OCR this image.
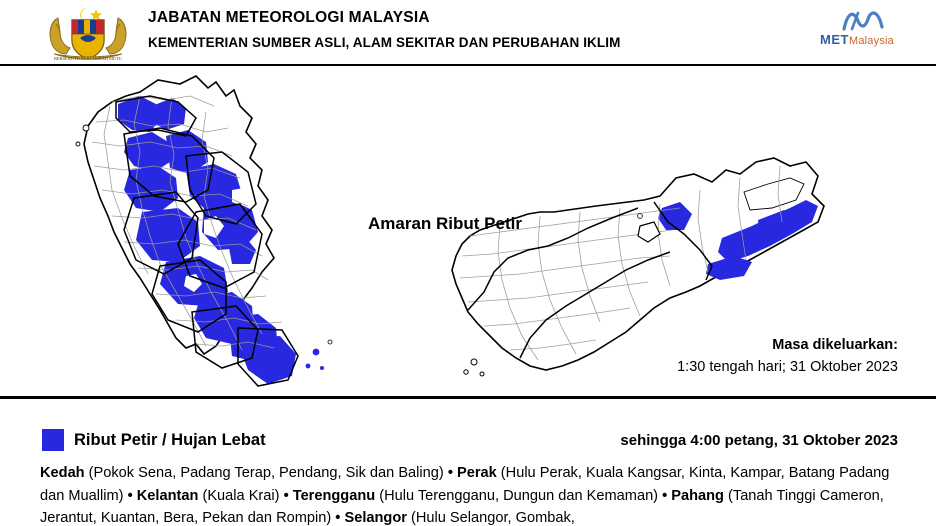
BERSEKUTU BERTAMBAH MUTU
JABATAN METEOROLOGI MALAYSIA
KEMENTERIAN SUMBER ASLI, ALAM SEKITAR DAN PERUBAHAN IKLIM	METMalaysia
Amaran Ribut Petir
Masa dikeluarkan:
1:30 tengah hari; 31 Oktober 2023
Ribut Petir / Hujan Lebat	sehingga 4:00 petang, 31 Oktober 2023
Kedah (Pokok Sena, Padang Terap, Pendang, Sik dan Baling) • Perak (Hulu Perak, Kuala Kangsar, Kinta, Kampar, Batang Padang dan Muallim) • Kelantan (Kuala Krai) • Terengganu (Hulu Terengganu, Dungun dan Kemaman) • Pahang (Tanah Tinggi Cameron, Jerantut, Kuantan, Bera, Pekan dan Rompin) • Selangor (Hulu Selangor, Gombak,
